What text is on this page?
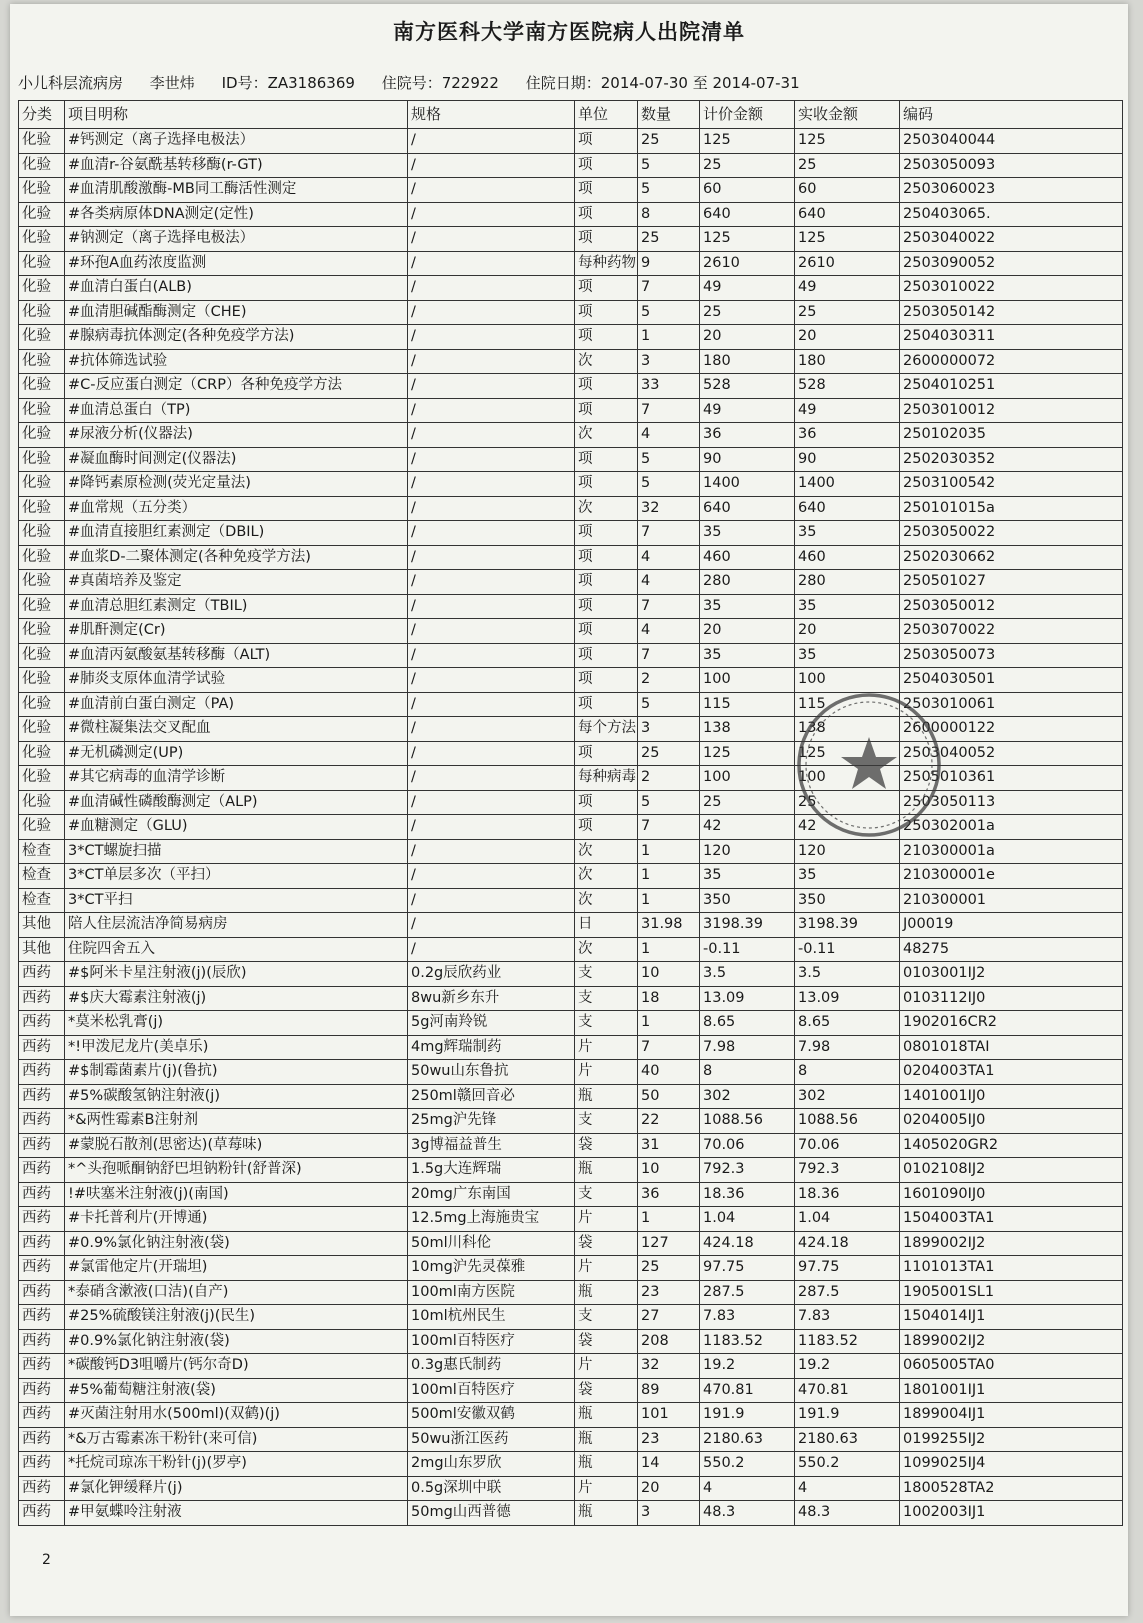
南方医科大学南方医院病人出院清单
小儿科层流病房 李世炜 ID号：ZA3186369 住院号：722922 住院日期：2014-07-30 至 2014-07-31
分类	项目明称	规格	单位	数量	计价金额	实收金额	编码
化验	#钙测定（离子选择电极法）	/	项	25	125	125	2503040044
化验	#血清r-谷氨酰基转移酶(r-GT)	/	项	5	25	25	2503050093
化验	#血清肌酸激酶-MB同工酶活性测定	/	项	5	60	60	2503060023
化验	#各类病原体DNA测定(定性)	/	项	8	640	640	250403065.
化验	#钠测定（离子选择电极法）	/	项	25	125	125	2503040022
化验	#环孢A血药浓度监测	/	每种药物	9	2610	2610	2503090052
化验	#血清白蛋白(ALB)	/	项	7	49	49	2503010022
化验	#血清胆碱酯酶测定（CHE)	/	项	5	25	25	2503050142
化验	#腺病毒抗体测定(各种免疫学方法)	/	项	1	20	20	2504030311
化验	#抗体筛选试验	/	次	3	180	180	2600000072
化验	#C-反应蛋白测定（CRP）各种免疫学方法	/	项	33	528	528	2504010251
化验	#血清总蛋白（TP)	/	项	7	49	49	2503010012
化验	#尿液分析(仪器法)	/	次	4	36	36	250102035
化验	#凝血酶时间测定(仪器法)	/	项	5	90	90	2502030352
化验	#降钙素原检测(荧光定量法)	/	项	5	1400	1400	2503100542
化验	#血常规（五分类）	/	次	32	640	640	250101015a
化验	#血清直接胆红素测定（DBIL)	/	项	7	35	35	2503050022
化验	#血浆D-二聚体测定(各种免疫学方法)	/	项	4	460	460	2502030662
化验	#真菌培养及鉴定	/	项	4	280	280	250501027
化验	#血清总胆红素测定（TBIL)	/	项	7	35	35	2503050012
化验	#肌酐测定(Cr)	/	项	4	20	20	2503070022
化验	#血清丙氨酸氨基转移酶（ALT)	/	项	7	35	35	2503050073
化验	#肺炎支原体血清学试验	/	项	2	100	100	2504030501
化验	#血清前白蛋白测定（PA)	/	项	5	115	115	2503010061
化验	#微柱凝集法交叉配血	/	每个方法	3	138	138	2600000122
化验	#无机磷测定(UP)	/	项	25	125	125	2503040052
化验	#其它病毒的血清学诊断	/	每种病毒	2	100	100	2505010361
化验	#血清碱性磷酸酶测定（ALP)	/	项	5	25	25	2503050113
化验	#血糖测定（GLU)	/	项	7	42	42	250302001a
检查	3*CT螺旋扫描	/	次	1	120	120	210300001a
检查	3*CT单层多次（平扫）	/	次	1	35	35	210300001e
检查	3*CT平扫	/	次	1	350	350	210300001
其他	陪人住层流洁净简易病房	/	日	31.98	3198.39	3198.39	J00019
其他	住院四舍五入	/	次	1	-0.11	-0.11	48275
西药	#$阿米卡星注射液(j)(辰欣)	0.2g辰欣药业	支	10	3.5	3.5	0103001IJ2
西药	#$庆大霉素注射液(j)	8wu新乡东升	支	18	13.09	13.09	0103112IJ0
西药	*莫米松乳膏(j)	5g河南羚锐	支	1	8.65	8.65	1902016CR2
西药	*!甲泼尼龙片(美卓乐)	4mg辉瑞制药	片	7	7.98	7.98	0801018TAI
西药	#$制霉菌素片(j)(鲁抗)	50wu山东鲁抗	片	40	8	8	0204003TA1
西药	#5%碳酸氢钠注射液(j)	250ml赣回音必	瓶	50	302	302	1401001IJ0
西药	*&两性霉素B注射剂	25mg沪先锋	支	22	1088.56	1088.56	0204005IJ0
西药	#蒙脱石散剂(思密达)(草莓味)	3g博福益普生	袋	31	70.06	70.06	1405020GR2
西药	*^头孢哌酮钠舒巴坦钠粉针(舒普深)	1.5g大连辉瑞	瓶	10	792.3	792.3	0102108IJ2
西药	!#呋塞米注射液(j)(南国)	20mg广东南国	支	36	18.36	18.36	1601090IJ0
西药	#卡托普利片(开博通)	12.5mg上海施贵宝	片	1	1.04	1.04	1504003TA1
西药	#0.9%氯化钠注射液(袋)	50ml川科伦	袋	127	424.18	424.18	1899002IJ2
西药	#氯雷他定片(开瑞坦)	10mg沪先灵葆雅	片	25	97.75	97.75	1101013TA1
西药	*泰硝含漱液(口洁)(自产)	100ml南方医院	瓶	23	287.5	287.5	1905001SL1
西药	#25%硫酸镁注射液(j)(民生)	10ml杭州民生	支	27	7.83	7.83	1504014IJ1
西药	#0.9%氯化钠注射液(袋)	100ml百特医疗	袋	208	1183.52	1183.52	1899002IJ2
西药	*碳酸钙D3咀嚼片(钙尔奇D)	0.3g惠氏制药	片	32	19.2	19.2	0605005TA0
西药	#5%葡萄糖注射液(袋)	100ml百特医疗	袋	89	470.81	470.81	1801001IJ1
西药	#灭菌注射用水(500ml)(双鹤)(j)	500ml安徽双鹤	瓶	101	191.9	191.9	1899004IJ1
西药	*&万古霉素冻干粉针(来可信)	50wu浙江医药	瓶	23	2180.63	2180.63	0199255IJ2
西药	*托烷司琼冻干粉针(j)(罗亭)	2mg山东罗欣	瓶	14	550.2	550.2	1099025IJ4
西药	#氯化钾缓释片(j)	0.5g深圳中联	片	20	4	4	1800528TA2
西药	#甲氨蝶呤注射液	50mg山西普德	瓶	3	48.3	48.3	1002003IJ1
2
